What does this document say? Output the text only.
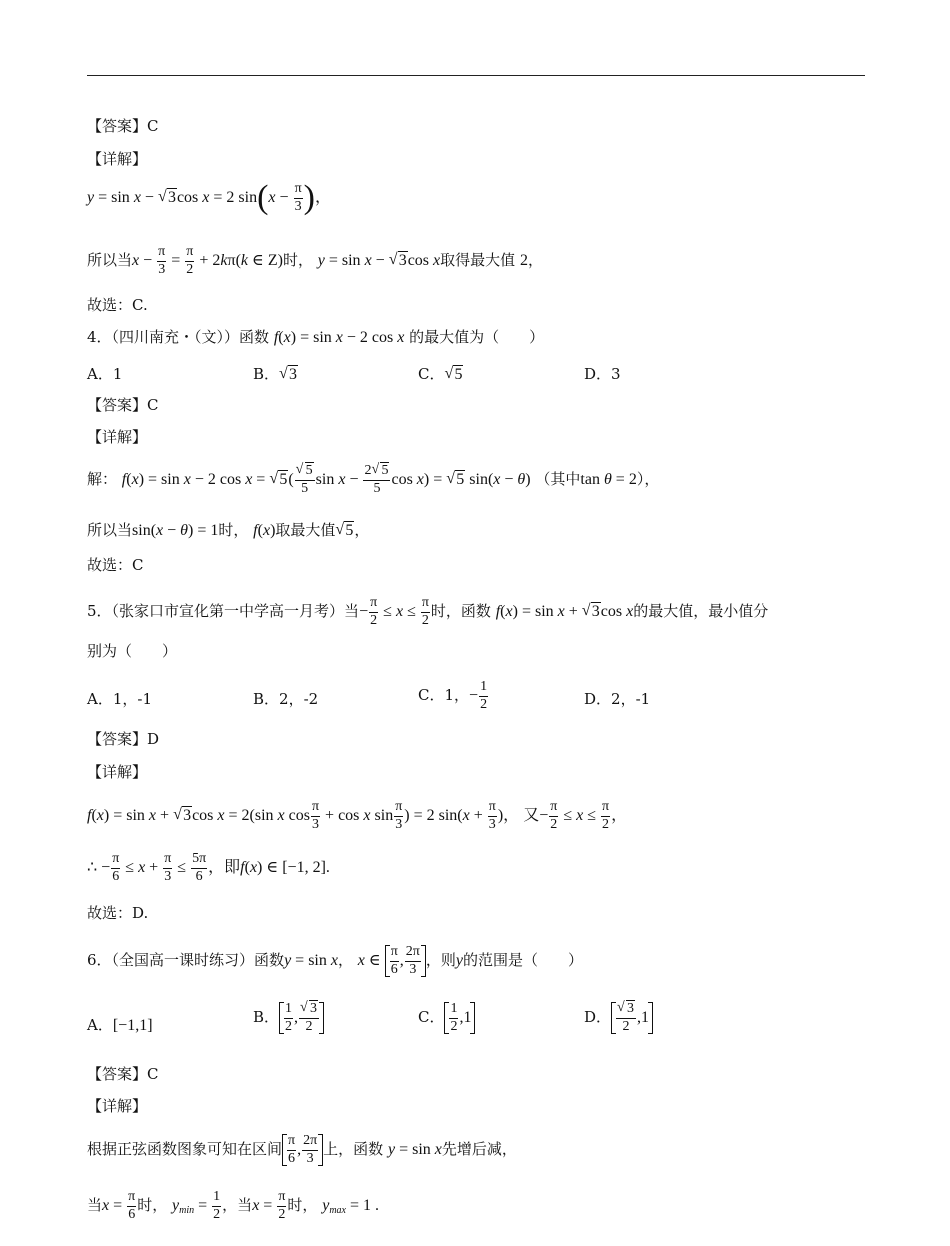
【答案】C
【详解】
y = sin x − √ 3cos x = 2 $\sin(x - \frac{\pi}{3}$ )，
所以当$x - \frac{\pi}{3} = \frac{\pi}{2} + 2k\pi(k$ ∈ Z)时， y = sin x − √ 3cos x取得最大值 2，
故选：C.
4．（四川南充・（文））函数 f(x) = sin x − 2 cos x 的最大值为（　　）
A．1	B． √ 3	C． √ 5	D．3
【答案】C
【详解】
解： f(x) = sin x − 2 cos x = √ 5( √ $\frac{5}{5}$ $\sin x - \frac{2 √ 5}{5}$ cos x) = √ 5 sin(x − θ) （其中tan θ = 2），
所以当sin(x − θ) = 1时， f(x)取最大值 √ 5，
故选：C
5．（张家口市宣化第一中学高一月考）当− $\frac{\pi}{2} \le x \le \frac{\pi}{2}$ 时，函数 f(x) = sin x + √ 3cos x的最大值，最小值分
别为（　　）
A．1，-1	B．2，-2	C．1，− $\frac{1}{2}$	D．2，-1
【答案】D
【详解】
f(x) = sin x + √ 3cos x = 2(sin x $\cos \frac{\pi}{3} + \cos x$ $\sin \frac{\pi}{3}$ ) = 2 $\sin(x + \frac{\pi}{3}$ )， 又− $\frac{\pi}{2} \le x \le \frac{\pi}{2}$ ，
∴ − $\frac{\pi}{6} \le x + \frac{\pi}{3} \le \frac{5\pi}{6}$ ，即f(x) ∈ [−1, 2].
故选：D.
6．（全国高一课时练习）函数y = sin x， x ∈ $\frac{\pi}{6}$ , $\frac{2\pi}{3}$ ，则y的范围是（　　）
A．[−1,1]	B． $\frac{1}{2}$ , √ $\frac{3}{2}$	C． $\frac{1}{2} ,1$	D． √ $\frac{3}{2} ,1$
【答案】C
【详解】
根据正弦函数图象可知在区间 $\frac{\pi}{6}$ , $\frac{2\pi}{3}$ 上，函数 y = sin x先增后减，
当$x = \frac{\pi}{6}$ 时， $y_{min} = \frac{1}{2}$ ，当$x = \frac{\pi}{2}$ 时， $y_{max} = 1$ .
